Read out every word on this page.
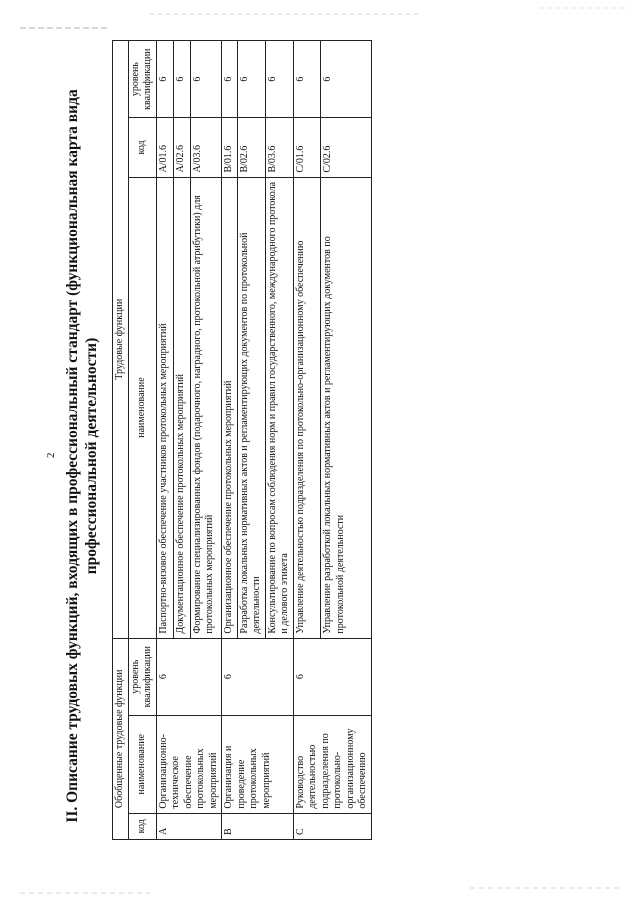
2 II. Описание трудовых функций, входящих в профессиональный стандарт (функциональная карта вида профессиональной деятельности)
Обобщенные трудовые функции			Трудовые функции		
код	наименование	уровень квалификации	наименование	код	уровень квалификации
A	Организационно-техническое обеспечение протокольных мероприятий	6	Паспортно-визовое обеспечение участников протокольных мероприятий	A/01.6	6
			Документационное обеспечение протокольных мероприятий	A/02.6	6
			Формирование специализированных фондов (подарочного, наградного, протокольной атрибутики) для протокольных мероприятий	A/03.6	6
B	Организация и проведение протокольных мероприятий	6	Организационное обеспечение протокольных мероприятий	B/01.6	6
			Разработка локальных нормативных актов и регламентирующих документов по протокольной деятельности	B/02.6	6
			Консультирование по вопросам соблюдения норм и правил государственного, международного протокола и делового этикета	B/03.6	6
C	Руководство деятельностью подразделения по протокольно-организационному обеспечению	6	Управление деятельностью подразделения по протокольно-организационному обеспечению	C/01.6	6
			Управление разработкой локальных нормативных актов и регламентирующих документов по протокольной деятельности	C/02.6	6
